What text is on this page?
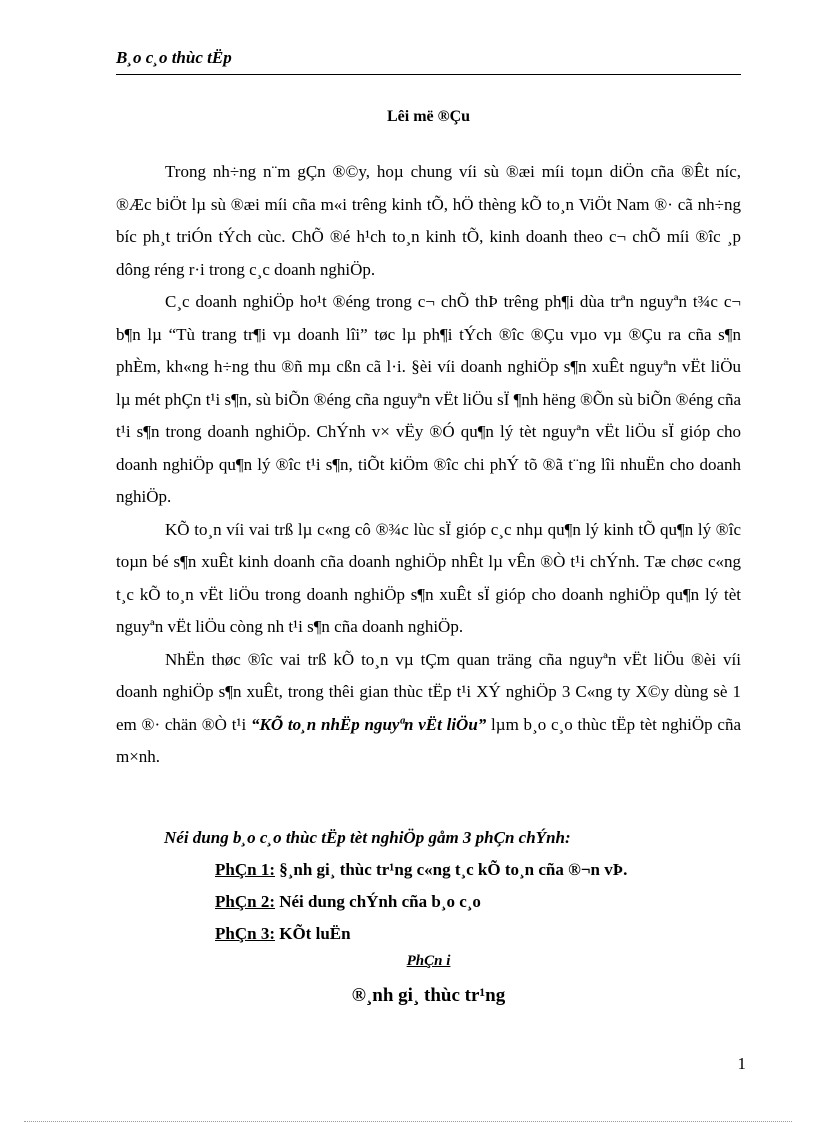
B¸o c¸o thùc tËp
Lêi më ®Çu

Trong nh÷ng n¨m gÇn ®©y, hoµ chung víi sù ®æi míi toµn diÖn cña ®Êt níc, ®Æc biÖt lµ sù ®æi míi cña m«i trêng kinh tÕ, hÖ thèng kÕ to¸n ViÖt Nam ®· cã nh÷ng bíc ph¸t triÓn tÝch cùc. ChÕ ®é h¹ch to¸n kinh tÕ, kinh doanh theo c¬ chÕ míi ®îc ¸p dông réng r·i trong c¸c doanh nghiÖp.

C¸c doanh nghiÖp ho¹t ®éng trong c¬ chÕ thÞ trêng ph¶i dùa trªn nguyªn t¾c c¬ b¶n lµ “Tù trang tr¶i vµ doanh lîi” tøc lµ ph¶i tÝch ®îc ®Çu vµo vµ ®Çu ra cña s¶n phÈm, kh«ng h÷ng thu ®ñ mµ cßn cã l·i. §èi víi doanh nghiÖp s¶n xuÊt nguyªn vËt liÖu lµ mét phÇn t¹i s¶n, sù biÕn ®éng cña nguyªn vËt liÖu sÏ ¶nh hëng ®Õn sù biÕn ®éng cña t¹i s¶n trong doanh nghiÖp. ChÝnh v× vËy ®Ó qu¶n lý tèt nguyªn vËt liÖu sÏ gióp cho doanh nghiÖp qu¶n lý ®îc t¹i s¶n, tiÕt kiÖm ®îc chi phÝ tõ ®ã t¨ng lîi nhuËn cho doanh nghiÖp.

KÕ to¸n víi vai trß lµ c«ng cô ®¾c lùc sÏ gióp c¸c nhµ qu¶n lý kinh tÕ qu¶n lý ®îc toµn bé s¶n xuÊt kinh doanh cña doanh nghiÖp nhÊt lµ vÊn ®Ò t¹i chÝnh. Tæ chøc c«ng t¸c kÕ to¸n vËt liÖu trong doanh nghiÖp s¶n xuÊt sÏ gióp cho doanh nghiÖp qu¶n lý tèt nguyªn vËt liÖu còng nh t¹i s¶n cña doanh nghiÖp.

NhËn thøc ®îc vai trß kÕ to¸n vµ tÇm quan träng cña nguyªn vËt liÖu ®èi víi doanh nghiÖp s¶n xuÊt, trong thêi gian thùc tËp t¹i XÝ nghiÖp 3 C«ng ty X©y dùng sè 1 em ®· chän ®Ò t¹i “KÕ to¸n nhËp nguyªn vËt liÖu” lµm b¸o c¸o thùc tËp tèt nghiÖp cña m×nh.

Néi dung b¸o c¸o thùc tËp tèt nghiÖp gåm 3 phÇn chÝnh:
PhÇn 1: §¸nh gi¸ thùc tr¹ng c«ng t¸c kÕ to¸n cña ®¬n vÞ.
PhÇn 2: Néi dung chÝnh cña b¸o c¸o
PhÇn 3: KÕt luËn
PhÇn i
®¸nh gi¸ thùc tr¹ng
1
